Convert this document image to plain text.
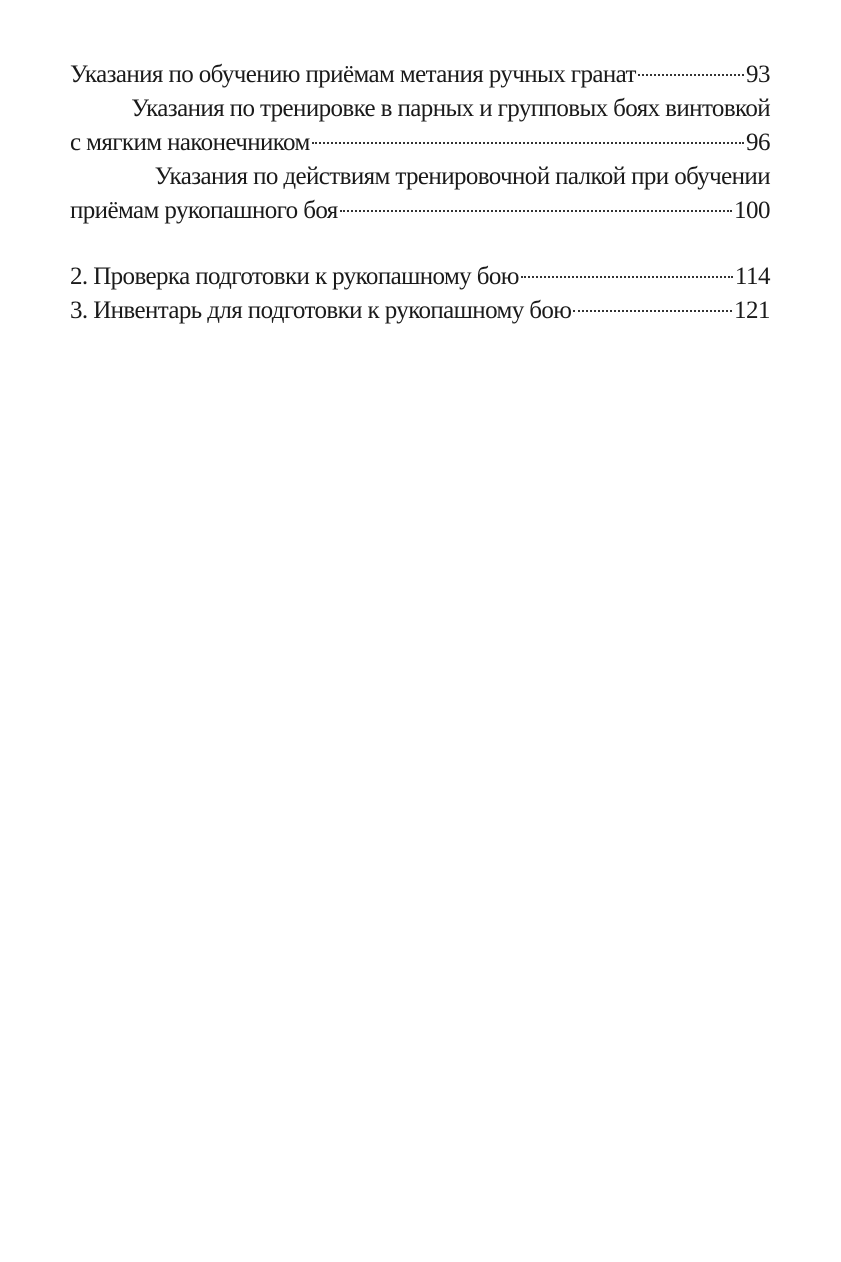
Указания по обучению приёмам метания ручных гранат	93
Указания по тренировке в парных и групповых боях винтовкой
с мягким наконечником	96
Указания по действиям тренировочной палкой при обучении
приёмам рукопашного боя	100
2. Проверка подготовки к рукопашному бою	114
3. Инвентарь для подготовки к рукопашному бою	121
